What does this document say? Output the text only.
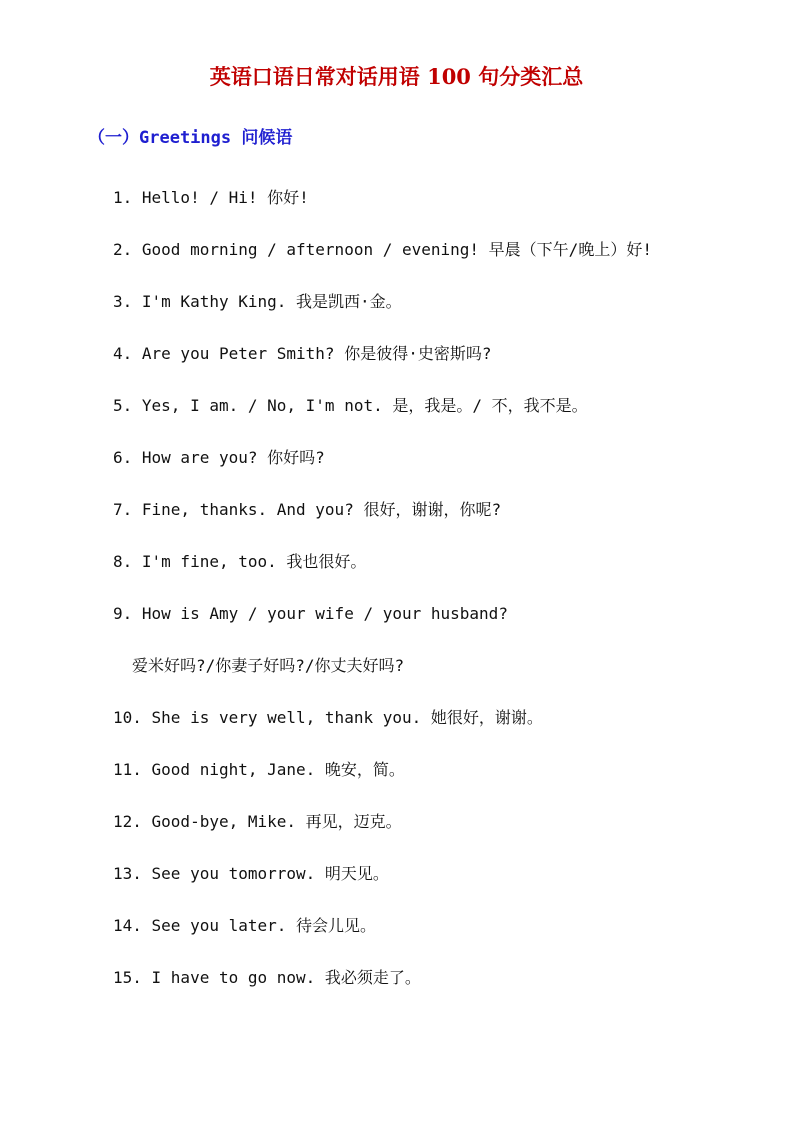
英语口语日常对话用语 100 句分类汇总
（一）Greetings 问候语
1. Hello! / Hi! 你好!
2. Good morning / afternoon / evening! 早晨（下午/晚上）好!
3. I'm Kathy King. 我是凯西·金。
4. Are you Peter Smith? 你是彼得·史密斯吗?
5. Yes, I am. / No, I'm not. 是，我是。/ 不，我不是。
6. How are you? 你好吗?
7. Fine, thanks. And you? 很好，谢谢，你呢?
8. I'm fine, too. 我也很好。
9. How is Amy / your wife / your husband?
爱米好吗?/你妻子好吗?/你丈夫好吗?
10. She is very well, thank you. 她很好，谢谢。
11. Good night, Jane. 晚安，简。
12. Good-bye, Mike. 再见，迈克。
13. See you tomorrow. 明天见。
14. See you later. 待会儿见。
15. I have to go now. 我必须走了。
